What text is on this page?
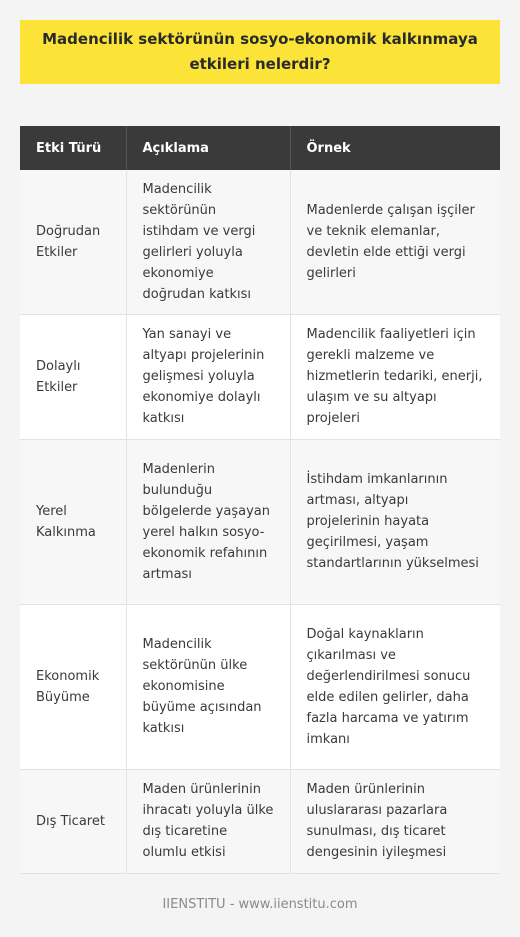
Madencilik sektörünün sosyo-ekonomik kalkınmaya etkileri nelerdir?
Etki Türü	Açıklama	Örnek
Doğrudan Etkiler	Madencilik sektörünün istihdam ve vergi gelirleri yoluyla ekonomiye doğrudan katkısı	Madenlerde çalışan işçiler ve teknik elemanlar, devletin elde ettiği vergi gelirleri
Dolaylı Etkiler	Yan sanayi ve altyapı projelerinin gelişmesi yoluyla ekonomiye dolaylı katkısı	Madencilik faaliyetleri için gerekli malzeme ve hizmetlerin tedariki, enerji, ulaşım ve su altyapı projeleri
Yerel Kalkınma	Madenlerin bulunduğu bölgelerde yaşayan yerel halkın sosyo-ekonomik refahının artması	İstihdam imkanlarının artması, altyapı projelerinin hayata geçirilmesi, yaşam standartlarının yükselmesi
Ekonomik Büyüme	Madencilik sektörünün ülke ekonomisine büyüme açısından katkısı	Doğal kaynakların çıkarılması ve değerlendirilmesi sonucu elde edilen gelirler, daha fazla harcama ve yatırım imkanı
Dış Ticaret	Maden ürünlerinin ihracatı yoluyla ülke dış ticaretine olumlu etkisi	Maden ürünlerinin uluslararası pazarlara sunulması, dış ticaret dengesinin iyileşmesi
IIENSTITU - www.iienstitu.com
